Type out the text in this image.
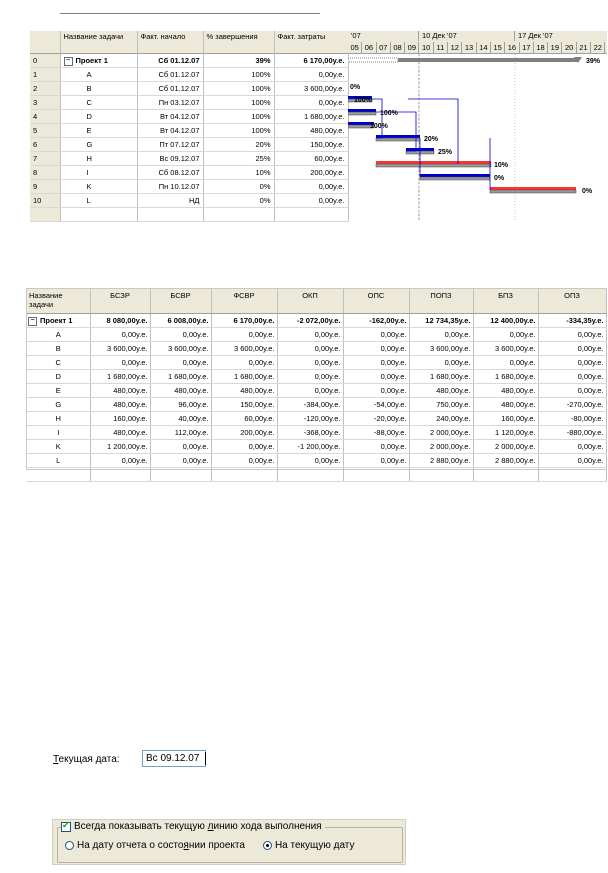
	Название задачи	Факт. начало	% завершения	Факт. затраты
0	− Проект 1	Сб 01.12.07	39%	6 170,00у.е.
1	A	Сб 01.12.07	100%	0,00у.е.
2	B	Сб 01.12.07	100%	3 600,00у.е.
3	C	Пн 03.12.07	100%	0,00у.е.
4	D	Вт 04.12.07	100%	1 680,00у.е.
5	E	Вт 04.12.07	100%	480,00у.е.
6	G	Пт 07.12.07	20%	150,00у.е.
7	H	Вс 09.12.07	25%	60,00у.е.
8	I	Сб 08.12.07	10%	200,00у.е.
9	K	Пн 10.12.07	0%	0,00у.е.
10	L	НД	0%	0,00у.е.

'07	10 Дек '07	17 Дек '07
05 06 07 08 09 10 11 12 13 14 15 16 17 18 19 20 21 22
39%
0%
100%
100%
100%
20%
25%
10%
0%
0%
Название задачи	БСЗР	БСВР	ФСВР	ОКП	ОПС	ПОПЗ	БПЗ	ОПЗ
− Проект 1	8 080,00у.е.	6 008,00у.е.	6 170,00у.е.	-2 072,00у.е.	-162,00у.е.	12 734,35у.е.	12 400,00у.е.	-334,35у.е.
A	0,00у.е.	0,00у.е.	0,00у.е.	0,00у.е.	0,00у.е.	0,00у.е.	0,00у.е.	0,00у.е.
B	3 600,00у.е.	3 600,00у.е.	3 600,00у.е.	0,00у.е.	0,00у.е.	3 600,00у.е.	3 600,00у.е.	0,00у.е.
C	0,00у.е.	0,00у.е.	0,00у.е.	0,00у.е.	0,00у.е.	0,00у.е.	0,00у.е.	0,00у.е.
D	1 680,00у.е.	1 680,00у.е.	1 680,00у.е.	0,00у.е.	0,00у.е.	1 680,00у.е.	1 680,00у.е.	0,00у.е.
E	480,00у.е.	480,00у.е.	480,00у.е.	0,00у.е.	0,00у.е.	480,00у.е.	480,00у.е.	0,00у.е.
G	480,00у.е.	96,00у.е.	150,00у.е.	-384,00у.е.	-54,00у.е.	750,00у.е.	480,00у.е.	-270,00у.е.
H	160,00у.е.	40,00у.е.	60,00у.е.	-120,00у.е.	-20,00у.е.	240,00у.е.	160,00у.е.	-80,00у.е.
I	480,00у.е.	112,00у.е.	200,00у.е.	-368,00у.е.	-88,00у.е.	2 000,00у.е.	1 120,00у.е.	-880,00у.е.
K	1 200,00у.е.	0,00у.е.	0,00у.е.	-1 200,00у.е.	0,00у.е.	2 000,00у.е.	2 000,00у.е.	0,00у.е.
L	0,00у.е.	0,00у.е.	0,00у.е.	0,00у.е.	0,00у.е.	2 880,00у.е.	2 880,00у.е.	0,00у.е.

Текущая дата:
Вс 09.12.07
✔
Всегда показывать текущую линию хода выполнения
На дату отчета о состоянии проекта	На текущую дату
